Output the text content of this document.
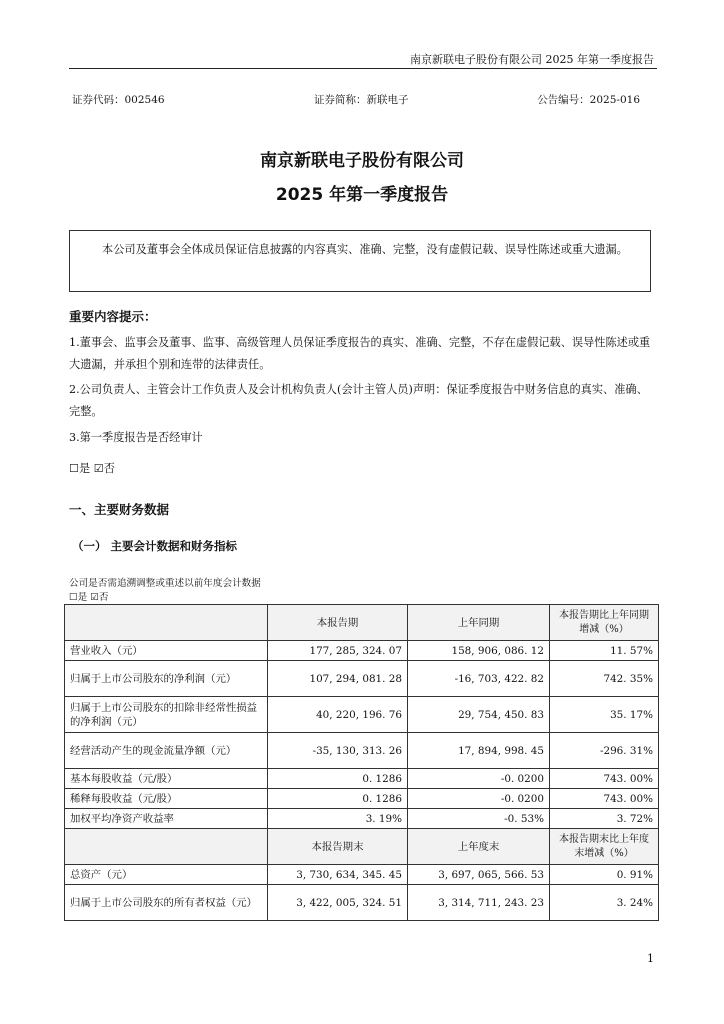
南京新联电子股份有限公司 2025 年第一季度报告
证券代码：002546	证券简称：新联电子	公告编号：2025-016
南京新联电子股份有限公司
2025 年第一季度报告
本公司及董事会全体成员保证信息披露的内容真实、准确、完整，没有虚假记载、误导性陈述或重大遗漏。
重要内容提示：
1.董事会、监事会及董事、监事、高级管理人员保证季度报告的真实、准确、完整，不存在虚假记载、误导性陈述或重大遗漏，并承担个别和连带的法律责任。
2.公司负责人、主管会计工作负责人及会计机构负责人(会计主管人员)声明：保证季度报告中财务信息的真实、准确、完整。
3.第一季度报告是否经审计
☐是 ☑否
一、主要财务数据
（一） 主要会计数据和财务指标
公司是否需追溯调整或重述以前年度会计数据
☐是 ☑否
	本报告期	上年同期	本报告期比上年同期增减（%）
营业收入（元）	177, 285, 324. 07	158, 906, 086. 12	11. 57%
归属于上市公司股东的净利润（元）	107, 294, 081. 28	-16, 703, 422. 82	742. 35%
归属于上市公司股东的扣除非经常性损益的净利润（元）	40, 220, 196. 76	29, 754, 450. 83	35. 17%
经营活动产生的现金流量净额（元）	-35, 130, 313. 26	17, 894, 998. 45	-296. 31%
基本每股收益（元/股）	0. 1286	-0. 0200	743. 00%
稀释每股收益（元/股）	0. 1286	-0. 0200	743. 00%
加权平均净资产收益率	3. 19%	-0. 53%	3. 72%
	本报告期末	上年度末	本报告期末比上年度末增减（%）
总资产（元）	3, 730, 634, 345. 45	3, 697, 065, 566. 53	0. 91%
归属于上市公司股东的所有者权益（元）	3, 422, 005, 324. 51	3, 314, 711, 243. 23	3. 24%
1
